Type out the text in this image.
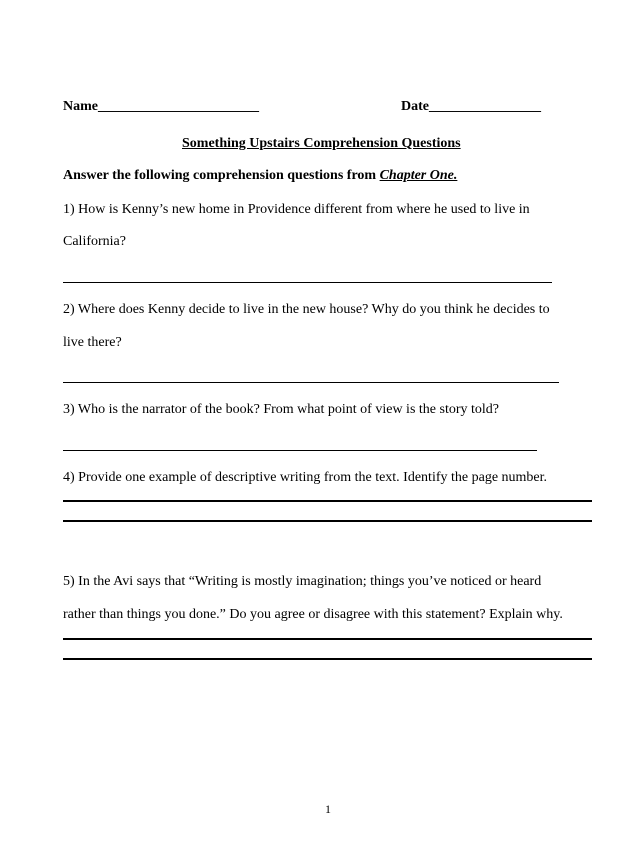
Name_______________________	Date________________
Something Upstairs Comprehension Questions
Answer the following comprehension questions from Chapter One.
1) How is Kenny’s new home in Providence different from where he used to live in
California?
2) Where does Kenny decide to live in the new house? Why do you think he decides to
live there?
3) Who is the narrator of the book? From what point of view is the story told?
4) Provide one example of descriptive writing from the text. Identify the page number.
5) In the Avi says that “Writing is mostly imagination; things you’ve noticed or heard
rather than things you done.” Do you agree or disagree with this statement? Explain why.
1
